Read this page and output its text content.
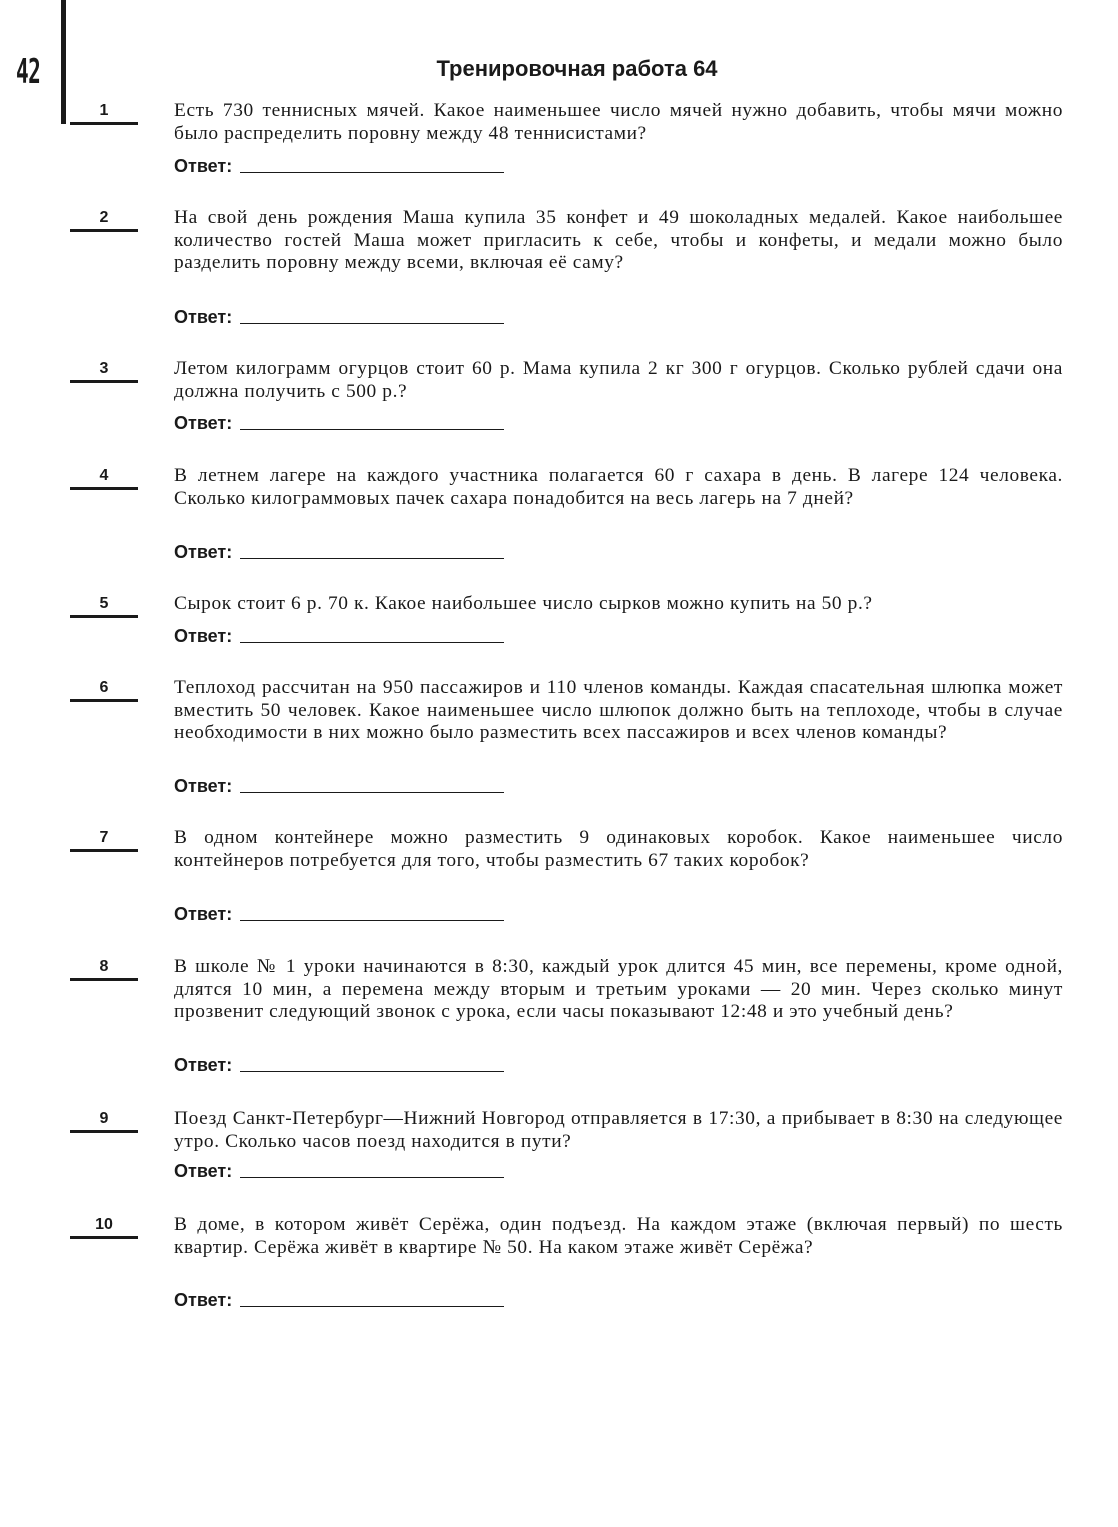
42	Тренировочная работа 64
1	Есть 730 теннисных мячей. Какое наименьшее число мячей нужно добавить, чтобы мячи можно было распределить поровну между 48 теннисистами?

Ответ:
2	На свой день рождения Маша купила 35 конфет и 49 шоколадных медалей. Какое наибольшее количество гостей Маша может пригласить к себе, чтобы и конфеты, и медали можно было разделить поровну между всеми, включая её саму?

Ответ:
3	Летом килограмм огурцов стоит 60 р. Мама купила 2 кг 300 г огурцов. Сколько рублей сдачи она должна получить с 500 р.?

Ответ:
4	В летнем лагере на каждого участника полагается 60 г сахара в день. В лагере 124 человека. Сколько килограммовых пачек сахара понадобится на весь лагерь на 7 дней?

Ответ:
5	Сырок стоит 6 р. 70 к. Какое наибольшее число сырков можно купить на 50 р.?

Ответ:
6	Теплоход рассчитан на 950 пассажиров и 110 членов команды. Каждая спасательная шлюпка может вместить 50 человек. Какое наименьшее число шлюпок должно быть на теплоходе, чтобы в случае необходимости в них можно было разместить всех пассажиров и всех членов команды?

Ответ:
7	В одном контейнере можно разместить 9 одинаковых коробок. Какое наименьшее число контейнеров потребуется для того, чтобы разместить 67 таких коробок?

Ответ:
8	В школе № 1 уроки начинаются в 8:30, каждый урок длится 45 мин, все перемены, кроме одной, длятся 10 мин, а перемена между вторым и третьим уроками — 20 мин. Через сколько минут прозвенит следующий звонок с урока, если часы показывают 12:48 и это учебный день?

Ответ:
9	Поезд Санкт-Петербург—Нижний Новгород отправляется в 17:30, а прибывает в 8:30 на следующее утро. Сколько часов поезд находится в пути?

Ответ:
10	В доме, в котором живёт Серёжа, один подъезд. На каждом этаже (включая первый) по шесть квартир. Серёжа живёт в квартире № 50. На каком этаже живёт Серёжа?

Ответ:
